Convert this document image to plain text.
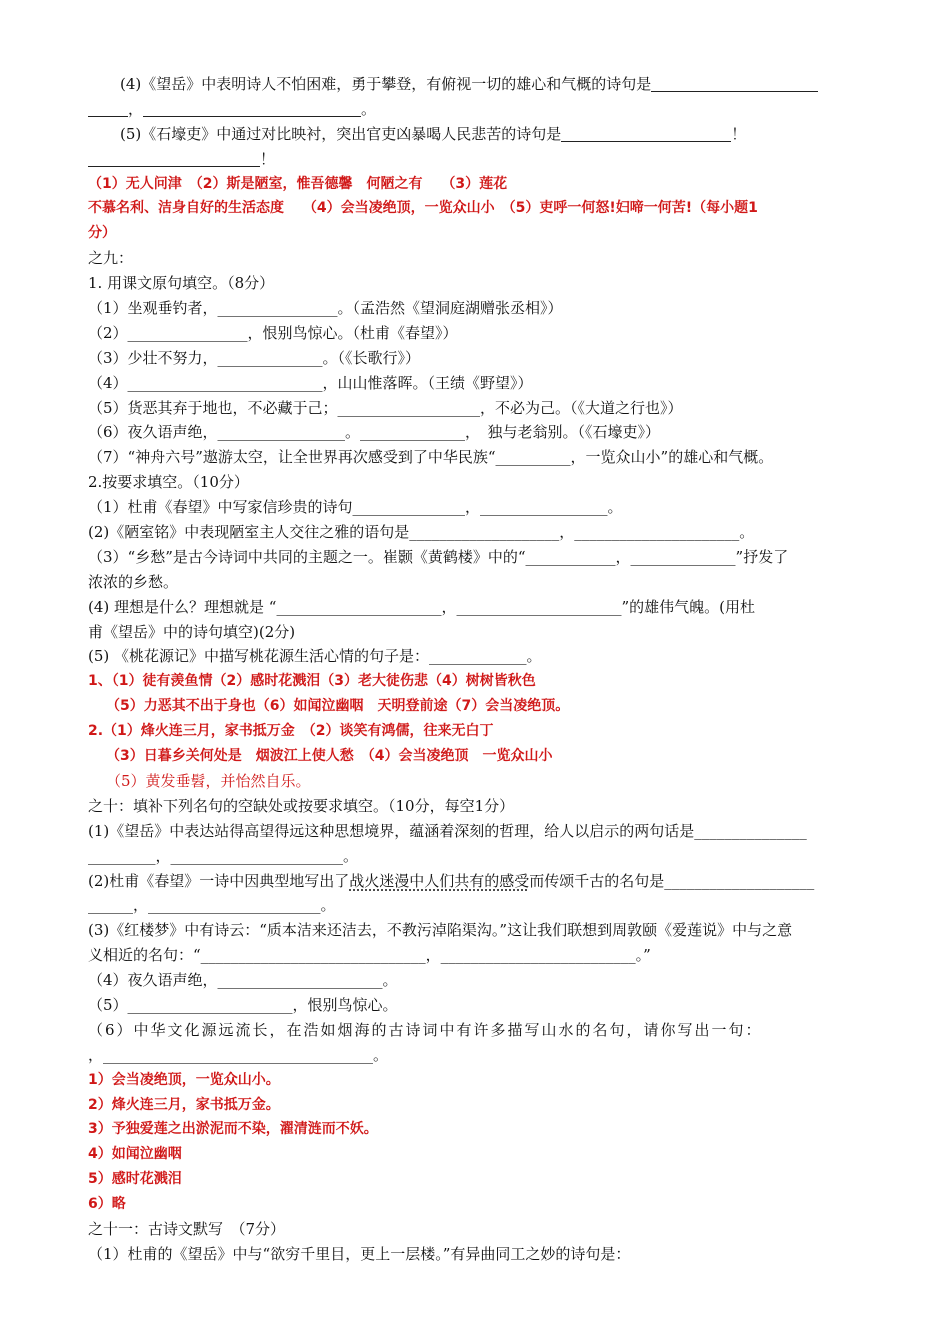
(4)《望岳》中表明诗人不怕困难，勇于攀登，有俯视一切的雄心和气概的诗句是
，	。
(5)《石壕吏》中通过对比映衬，突出官吏凶暴喝人民悲苦的诗句是	！
！
（1）无人问津　（2）斯是陋室，惟吾德馨　何陋之有　 （3）莲花
不慕名利、洁身自好的生活态度　 （4）会当凌绝顶，一览众山小　（5）吏呼一何怒!妇啼一何苦!（每小题1
分）
之九：
1. 用课文原句填空。（8分）
（1）坐观垂钓者，________________。（孟浩然《望洞庭湖赠张丞相》）
（2）________________，恨别鸟惊心。（杜甫《春望》）
（3）少壮不努力，______________。（《长歌行》）
（4）__________________________，山山惟落晖。（王绩《野望》）
（5）货恶其弃于地也，不必藏于己；___________________，不必为己。（《大道之行也》）
（6）夜久语声绝，_________________。______________，　独与老翁别。（《石壕吏》）
（7）“神舟六号”遨游太空，让全世界再次感受到了中华民族“__________，一览众山小”的雄心和气概。
2.按要求填空。（10分）
（1）杜甫《春望》中写家信珍贵的诗句_______________，_________________。
(2)《陋室铭》中表现陋室主人交往之雅的语句是____________________，______________________。
（3）“乡愁”是古今诗词中共同的主题之一。崔颢《黄鹤楼》中的“____________，______________”抒发了
浓浓的乡愁。
(4) 理想是什么？理想就是 “______________________，______________________”的雄伟气魄。(用杜
甫《望岳》中的诗句填空)(2分)
(5) 《桃花源记》中描写桃花源生活心情的句子是：_____________。
1、（1）徒有羡鱼情（2）感时花溅泪（3）老大徒伤悲（4）树树皆秋色
（5）力恶其不出于身也（6）如闻泣幽咽　天明登前途（7）会当凌绝顶。
2.（1）烽火连三月，家书抵万金　（2）谈笑有鸿儒，往来无白丁
（3）日暮乡关何处是　烟波江上使人愁　（4）会当凌绝顶　一览众山小
（5）黄发垂髫，并怡然自乐。
之十：填补下列名句的空缺处或按要求填空。（10分，每空1分）
(1)《望岳》中表达站得高望得远这种思想境界，蕴涵着深刻的哲理，给人以启示的两句话是_______________
_________，_______________________。
(2)杜甫《春望》一诗中因典型地写出了战火迷漫中人们共有的感受而传颂千古的名句是____________________
______，_______________________。
(3)《红楼梦》中有诗云：“质本洁来还洁去，不教污淖陷渠沟。”这让我们联想到周敦颐《爱莲说》中与之意
义相近的名句：“______________________________，__________________________。”
（4）夜久语声绝，______________________。
（5）______________________，恨别鸟惊心。
（6）中华文化源远流长，在浩如烟海的古诗词中有许多描写山水的名句，请你写出一句：
，____________________________________。
1）会当凌绝顶，一览众山小。
2）烽火连三月，家书抵万金。
3）予独爱莲之出淤泥而不染，濯清涟而不妖。
4）如闻泣幽咽
5）感时花溅泪
6）略
之十一：古诗文默写　（7分）
（1）杜甫的《望岳》中与“欲穷千里目，更上一层楼。”有异曲同工之妙的诗句是：
